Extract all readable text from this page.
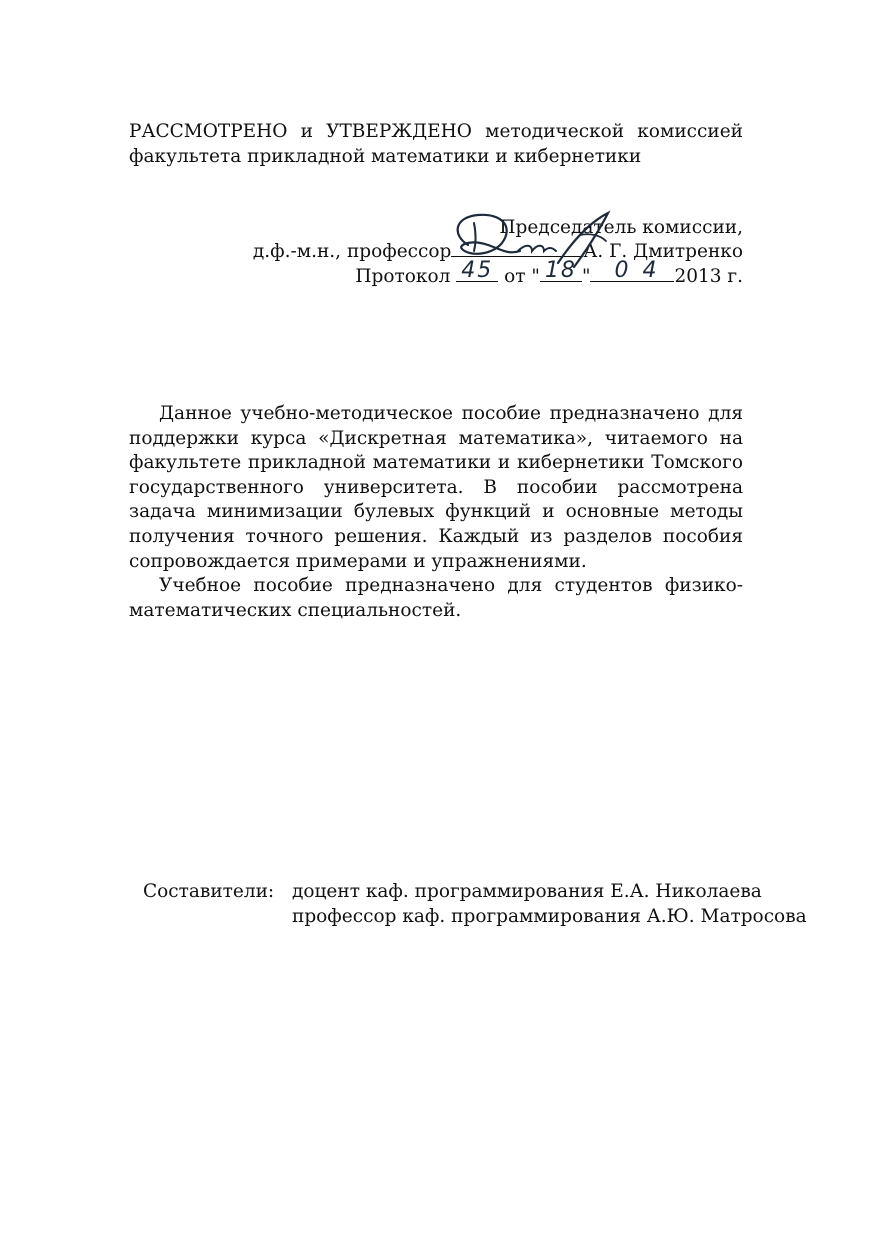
РАССМОТРЕНО и УТВЕРЖДЕНО методической комиссией
факультета прикладной математики и кибернетики
Председатель комиссии,
д.ф.-м.н., профессор	А. Г. Дмитренко
Протокол 45 от " 18 "	04 2013 г.

Данное учебно-методическое пособие предназначено для поддержки курса «Дискретная математика», читаемого на факультете прикладной математики и кибернетики Томского государственного университета. В пособии рассмотрена задача минимизации булевых функций и основные методы получения точного решения. Каждый из разделов пособия сопровождается примерами и упражнениями.

Учебное пособие предназначено для студентов физико-математических специальностей.

Составители: доцент каф. программирования Е.А. Николаева
профессор каф. программирования А.Ю. Матросова
